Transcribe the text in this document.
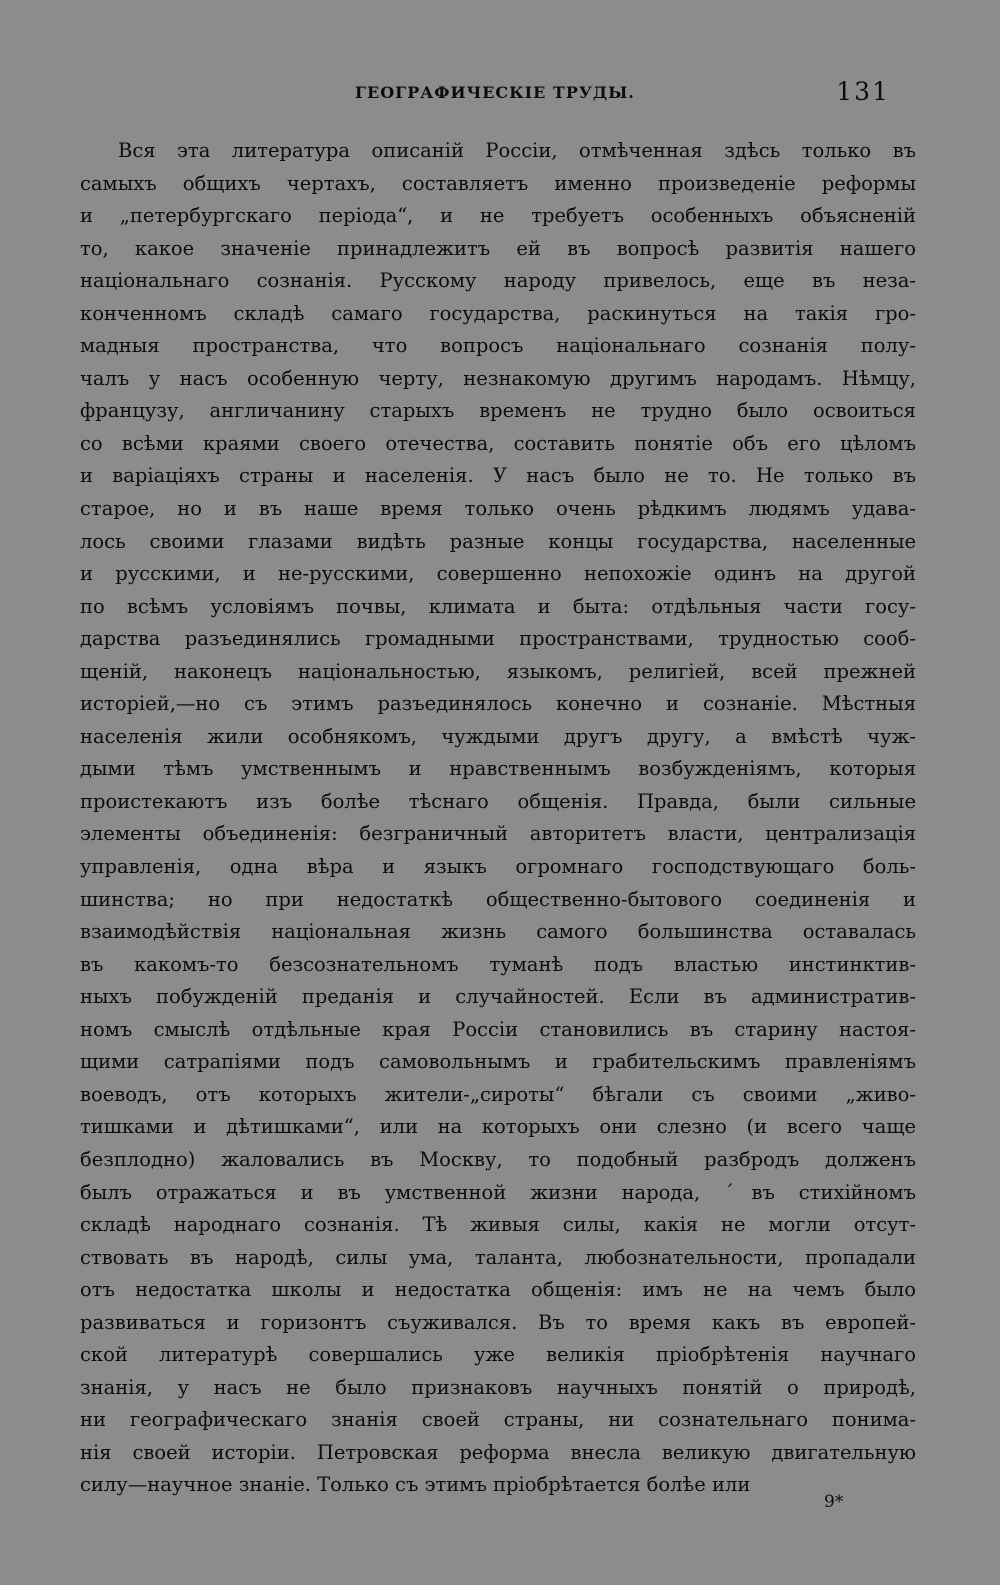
ГЕОГРАФИЧЕСКІЕ ТРУДЫ.	131
Вся эта литература описаній Россіи, отмѣченная здѣсь только въ
самыхъ общихъ чертахъ, составляетъ именно произведеніе реформы
и „петербургскаго періода“, и не требуетъ особенныхъ объясненій
то, какое значеніе принадлежитъ ей въ вопросѣ развитія нашего
національнаго сознанія. Русскому народу привелось, еще въ неза-
конченномъ складѣ самаго государства, раскинуться на такія гро-
мадныя пространства, что вопросъ національнаго сознанія полу-
чалъ у насъ особенную черту, незнакомую другимъ народамъ. Нѣмцу,
французу, англичанину старыхъ временъ не трудно было освоиться
со всѣми краями своего отечества, составить понятіе объ его цѣломъ
и варіаціяхъ страны и населенія. У насъ было не то. Не только въ
старое, но и въ наше время только очень рѣдкимъ людямъ удава-
лось своими глазами видѣть разные концы государства, населенные
и русскими, и не-русскими, совершенно непохожіе одинъ на другой
по всѣмъ условіямъ почвы, климата и быта: отдѣльныя части госу-
дарства разъединялись громадными пространствами, трудностью сооб-
щеній, наконецъ національностью, языкомъ, религіей, всей прежней
исторіей,—но съ этимъ разъединялось конечно и сознаніе. Мѣстныя
населенія жили особнякомъ, чуждыми другъ другу, а вмѣстѣ чуж-
дыми тѣмъ умственнымъ и нравственнымъ возбужденіямъ, которыя
проистекаютъ изъ болѣе тѣснаго общенія. Правда, были сильные
элементы объединенія: безграничный авторитетъ власти, централизація
управленія, одна вѣра и языкъ огромнаго господствующаго боль-
шинства; но при недостаткѣ общественно-бытового соединенія и
взаимодѣйствія національная жизнь самого большинства оставалась
въ какомъ-то безсознательномъ туманѣ подъ властью инстинктив-
ныхъ побужденій преданія и случайностей. Если въ административ-
номъ смыслѣ отдѣльные края Россіи становились въ старину настоя-
щими сатрапіями подъ самовольнымъ и грабительскимъ правленіямъ
воеводъ, отъ которыхъ жители-„сироты“ бѣгали съ своими „живо-
тишками и дѣтишками“, или на которыхъ они слезно (и всего чаще
безплодно) жаловались въ Москву, то подобный разбродъ долженъ
былъ отражаться и въ умственной жизни народа, ˊвъ стихійномъ
складѣ народнаго сознанія. Тѣ живыя силы, какія не могли отсут-
ствовать въ народѣ, силы ума, таланта, любознательности, пропадали
отъ недостатка школы и недостатка общенія: имъ не на чемъ было
развиваться и горизонтъ съуживался. Въ то время какъ въ европей-
ской литературѣ совершались уже великія пріобрѣтенія научнаго
знанія, у насъ не было признаковъ научныхъ понятій о природѣ,
ни географическаго знанія своей страны, ни сознательнаго понима-
нія своей исторіи. Петровская реформа внесла великую двигательную
силу—научное знаніе. Только съ этимъ пріобрѣтается болѣе или
9*
